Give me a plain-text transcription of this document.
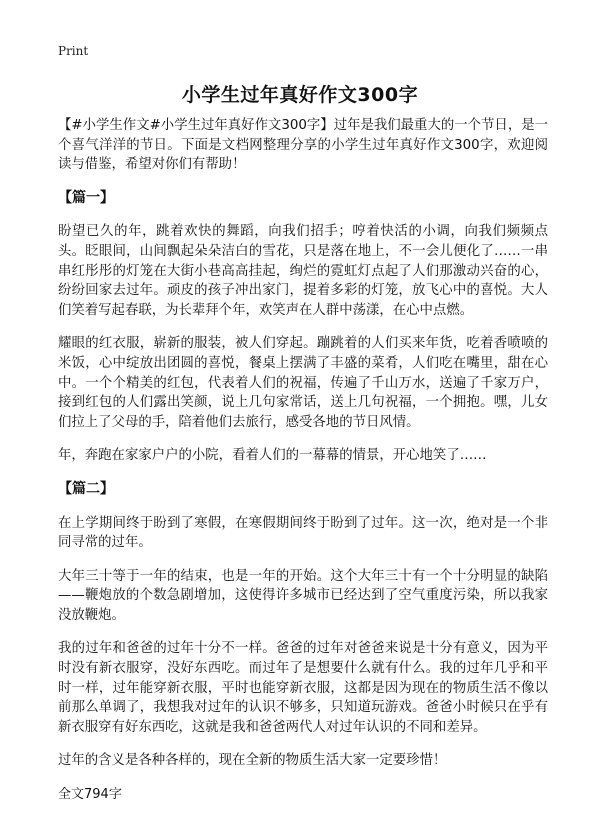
Print
小学生过年真好作文300字

【#小学生作文#小学生过年真好作文300字】过年是我们最重大的一个节日，是一个喜气洋洋的节日。下面是文档网整理分享的小学生过年真好作文300字，欢迎阅读与借鉴，希望对你们有帮助！

【篇一】

盼望已久的年，跳着欢快的舞蹈，向我们招手；哼着快活的小调，向我们频频点头。眨眼间，山间飘起朵朵洁白的雪花，只是落在地上，不一会儿便化了……一串串红彤彤的灯笼在大街小巷高高挂起，绚烂的霓虹灯点起了人们那激动兴奋的心，纷纷回家去过年。顽皮的孩子冲出家门，提着多彩的灯笼，放飞心中的喜悦。大人们笑着写起春联，为长辈拜个年，欢笑声在人群中荡漾，在心中点燃。

耀眼的红衣服，崭新的服装，被人们穿起。蹦跳着的人们买来年货，吃着香喷喷的米饭，心中绽放出团圆的喜悦，餐桌上摆满了丰盛的菜肴，人们吃在嘴里，甜在心中。一个个精美的红包，代表着人们的祝福，传遍了千山万水，送遍了千家万户，接到红包的人们露出笑颜，说上几句家常话，送上几句祝福，一个拥抱。嘿，儿女们拉上了父母的手，陪着他们去旅行，感受各地的节日风情。

年，奔跑在家家户户的小院，看着人们的一幕幕的情景，开心地笑了……

【篇二】

在上学期间终于盼到了寒假，在寒假期间终于盼到了过年。这一次，绝对是一个非同寻常的过年。

大年三十等于一年的结束，也是一年的开始。这个大年三十有一个十分明显的缺陷——鞭炮放的个数急剧增加，这使得许多城市已经达到了空气重度污染，所以我家没放鞭炮。

我的过年和爸爸的过年十分不一样。爸爸的过年对爸爸来说是十分有意义，因为平时没有新衣服穿，没好东西吃。而过年了是想要什么就有什么。我的过年几乎和平时一样，过年能穿新衣服，平时也能穿新衣服，这都是因为现在的物质生活不像以前那么单调了，我想我对过年的认识不够多，只知道玩游戏。爸爸小时候只在乎有新衣服穿有好东西吃，这就是我和爸爸两代人对过年认识的不同和差异。

过年的含义是各种各样的，现在全新的物质生活大家一定要珍惜！

全文794字
